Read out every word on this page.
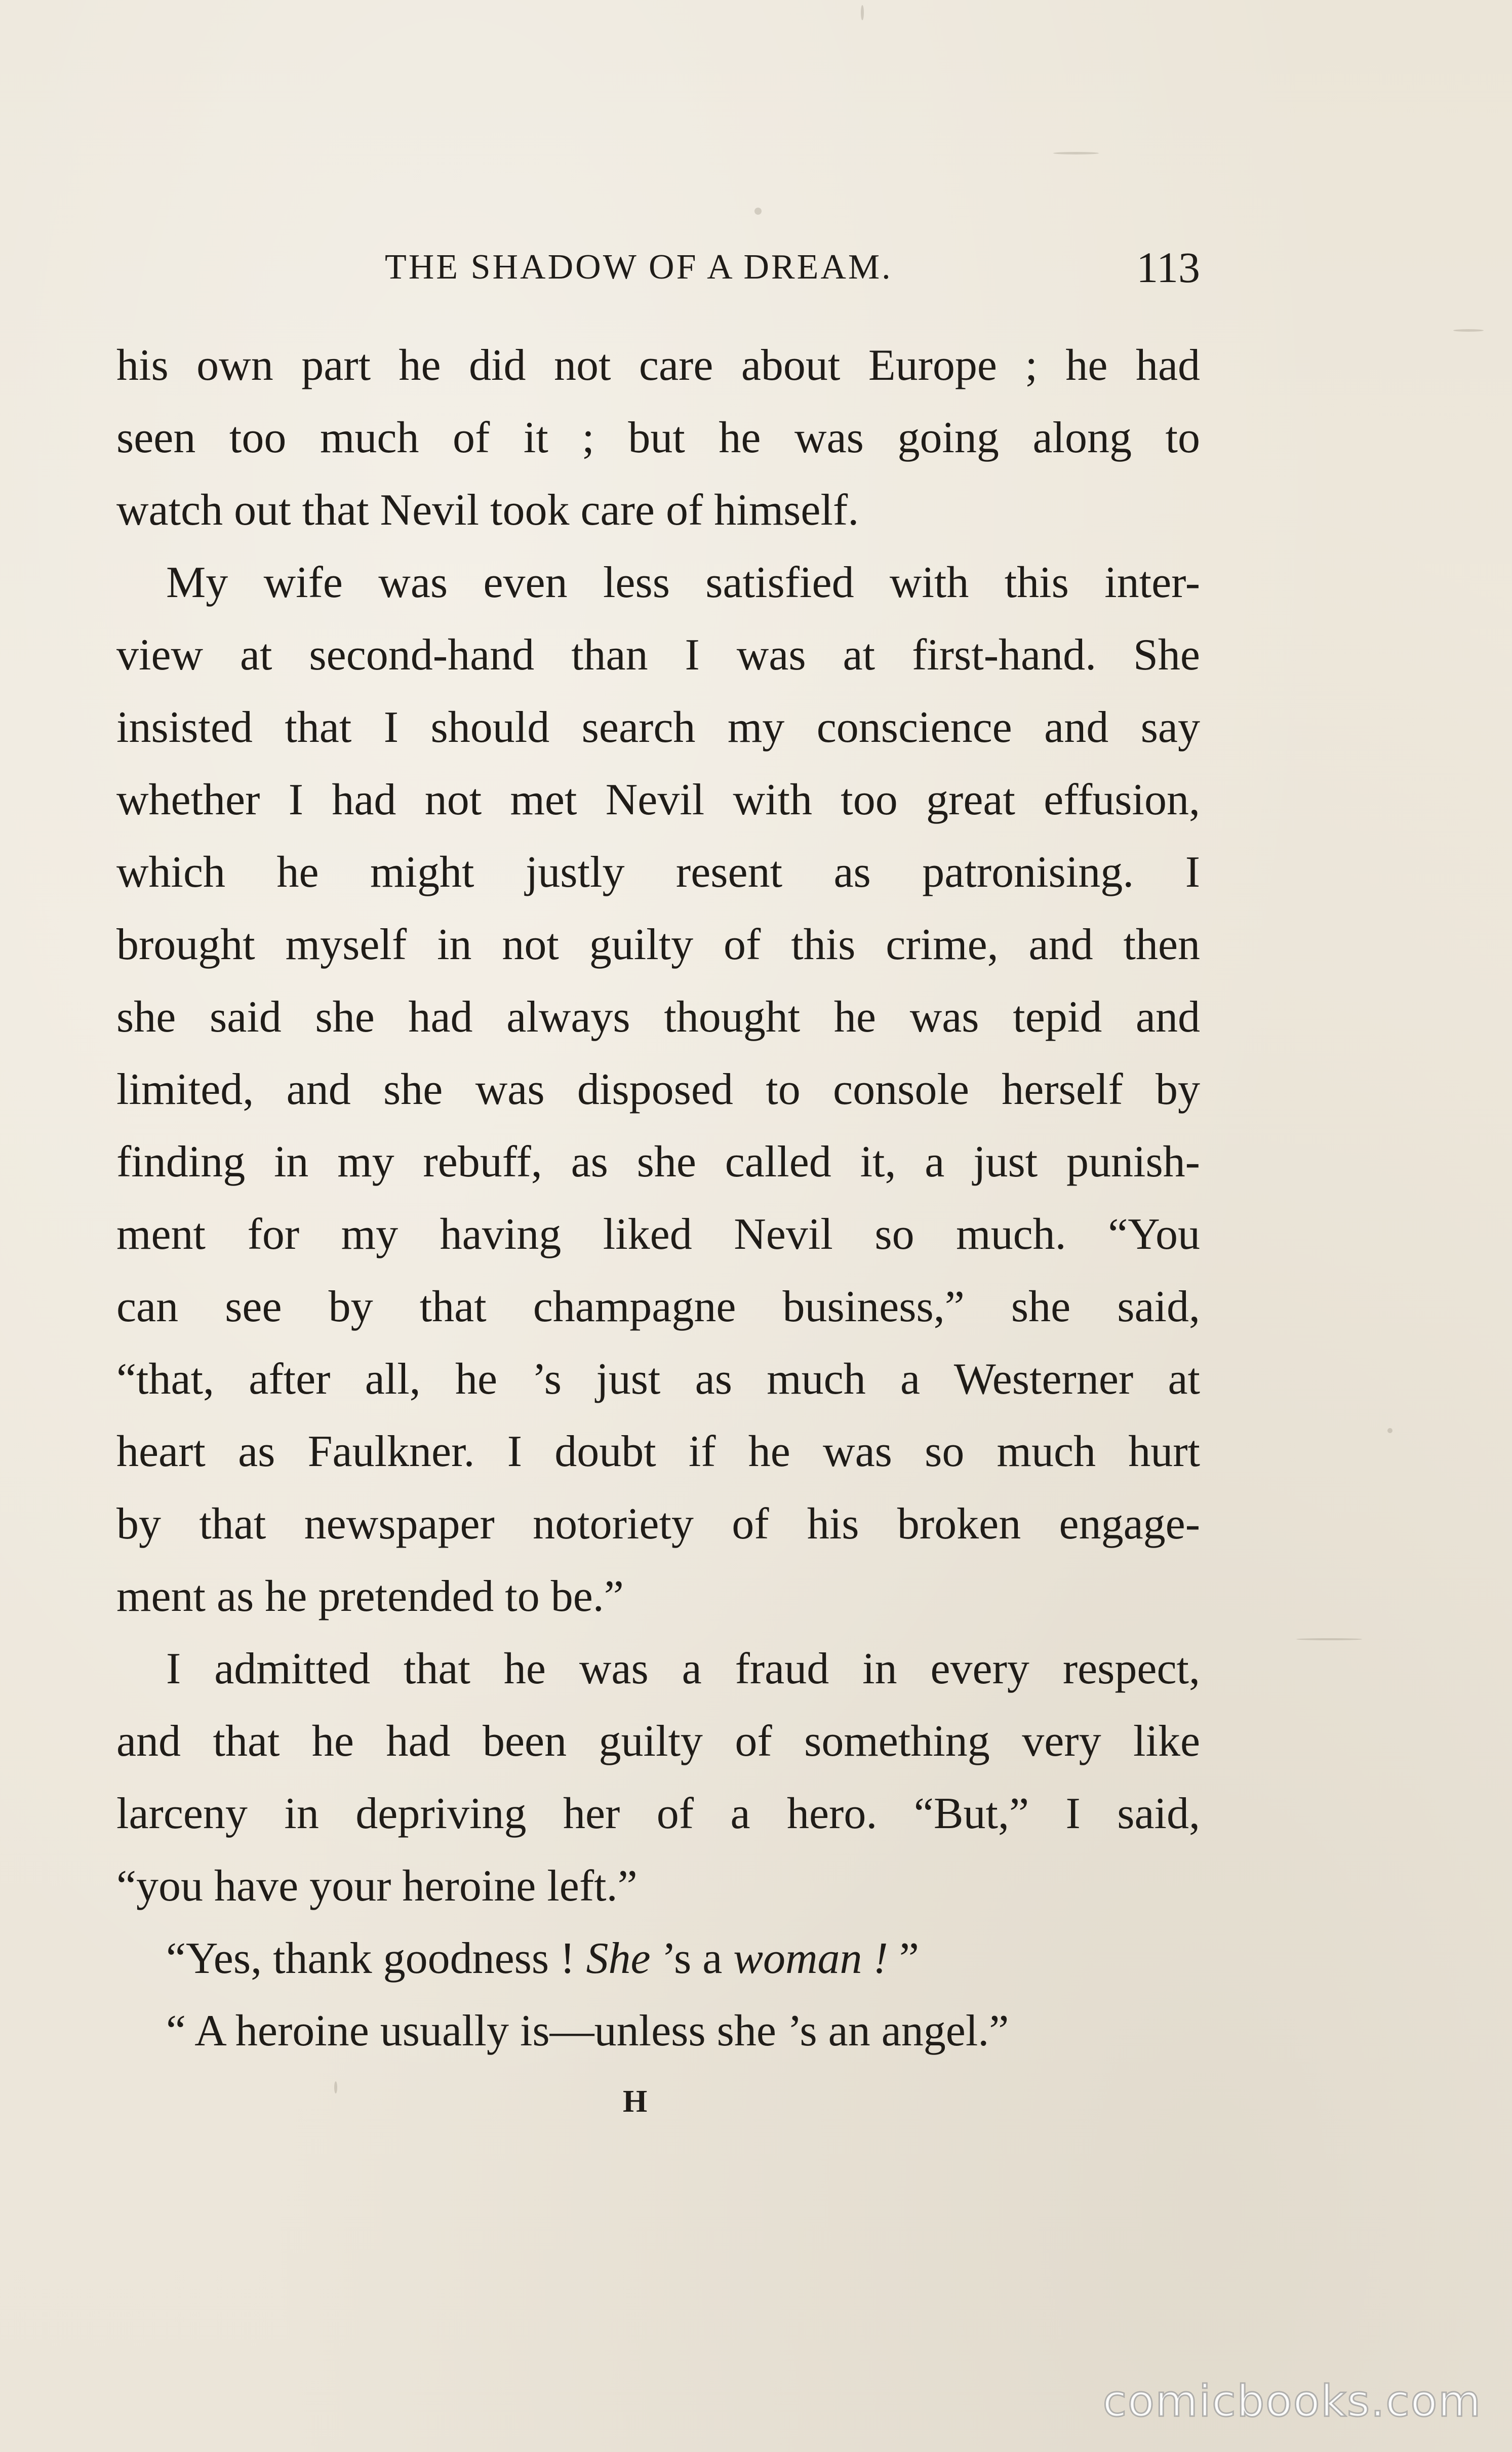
THE SHADOW OF A DREAM.	113
his own part he did not care about Europe ; he had
seen too much of it ; but he was going along to
watch out that Nevil took care of himself.
My wife was even less satisfied with this inter-
view at second-hand than I was at first-hand. She
insisted that I should search my conscience and say
whether I had not met Nevil with too great effusion,
which he might justly resent as patronising. I
brought myself in not guilty of this crime, and then
she said she had always thought he was tepid and
limited, and she was disposed to console herself by
finding in my rebuff, as she called it, a just punish-
ment for my having liked Nevil so much. “You
can see by that champagne business,” she said,
“that, after all, he ’s just as much a Westerner at
heart as Faulkner. I doubt if he was so much hurt
by that newspaper notoriety of his broken engage-
ment as he pretended to be.”
I admitted that he was a fraud in every respect,
and that he had been guilty of something very like
larceny in depriving her of a hero. “But,” I said,
“you have your heroine left.”
“Yes, thank goodness ! She ’s a woman ! ”
“ A heroine usually is—unless she ’s an angel.”
H
comicbooks.com
